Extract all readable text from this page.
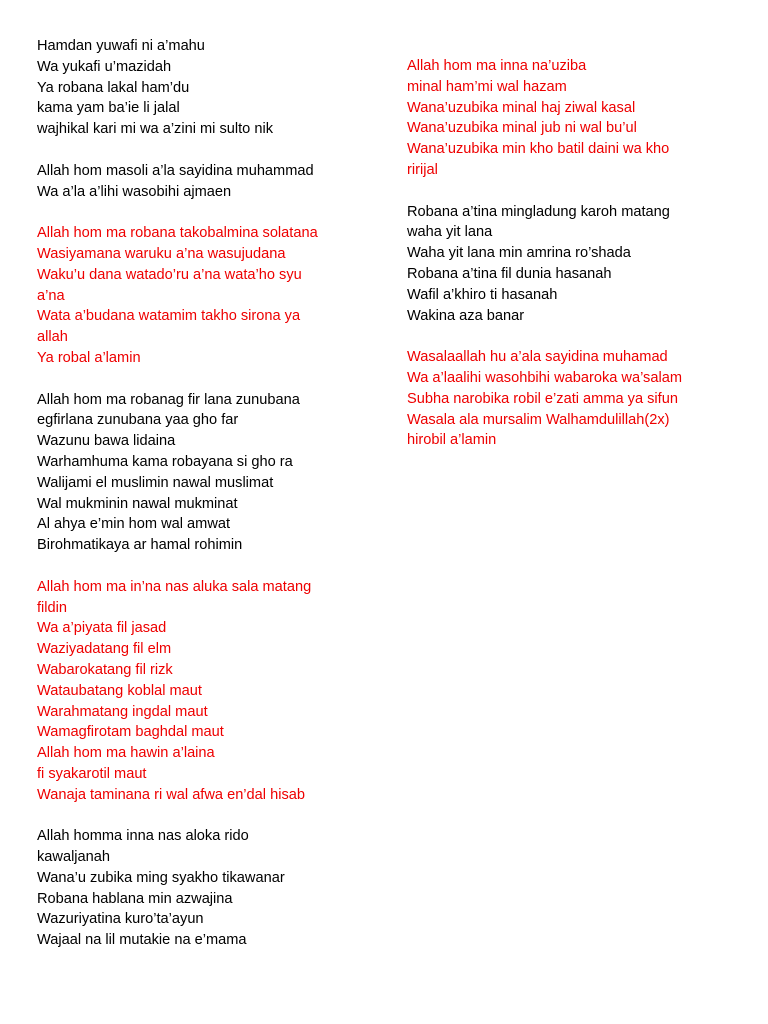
Hamdan yuwafi ni a’mahu
Wa yukafi u’mazidah
Ya robana lakal ham’du
kama yam ba’ie li jalal
wajhikal kari mi wa a’zini mi sulto nik
Allah hom masoli a’la sayidina muhammad
Wa a’la a’lihi wasobihi ajmaen
Allah hom ma robana takobalmina solatana
Wasiyamana waruku a’na wasujudana
Waku’u dana watado’ru a’na wata’ho syu
a’na
Wata a’budana watamim takho sirona ya
allah
Ya robal a’lamin
Allah hom ma robanag fir lana zunubana
egfirlana zunubana yaa gho far
Wazunu bawa lidaina
Warhamhuma kama robayana si gho ra
Walijami el muslimin nawal muslimat
Wal mukminin nawal mukminat
Al ahya e’min hom wal amwat
Birohmatikaya ar hamal rohimin
Allah hom ma in’na nas aluka sala matang
fildin
Wa a’piyata fil jasad
Waziyadatang fil elm
Wabarokatang fil rizk
Wataubatang koblal maut
Warahmatang ingdal maut
Wamagfirotam baghdal maut
Allah hom ma hawin a’laina
fi syakarotil maut
Wanaja taminana ri wal afwa en’dal hisab
Allah homma inna nas aloka rido
kawaljanah
Wana’u zubika ming syakho tikawanar
Robana hablana min azwajina
Wazuriyatina kuro’ta’ayun
Wajaal na lil mutakie na e’mama
Allah hom ma inna na’uziba
minal ham’mi wal hazam
Wana’uzubika minal haj ziwal kasal
Wana’uzubika minal jub ni wal bu’ul
Wana’uzubika min kho batil daini wa kho
ririjal
Robana a’tina mingladung karoh matang
waha yit lana
Waha yit lana min amrina ro’shada
Robana a’tina fil dunia hasanah
Wafil a’khiro ti hasanah
Wakina aza banar
Wasalaallah hu a’ala sayidina muhamad
Wa a’laalihi wasohbihi wabaroka wa’salam
Subha narobika robil e’zati amma ya sifun
Wasala ala mursalim Walhamdulillah(2x)
hirobil a’lamin
